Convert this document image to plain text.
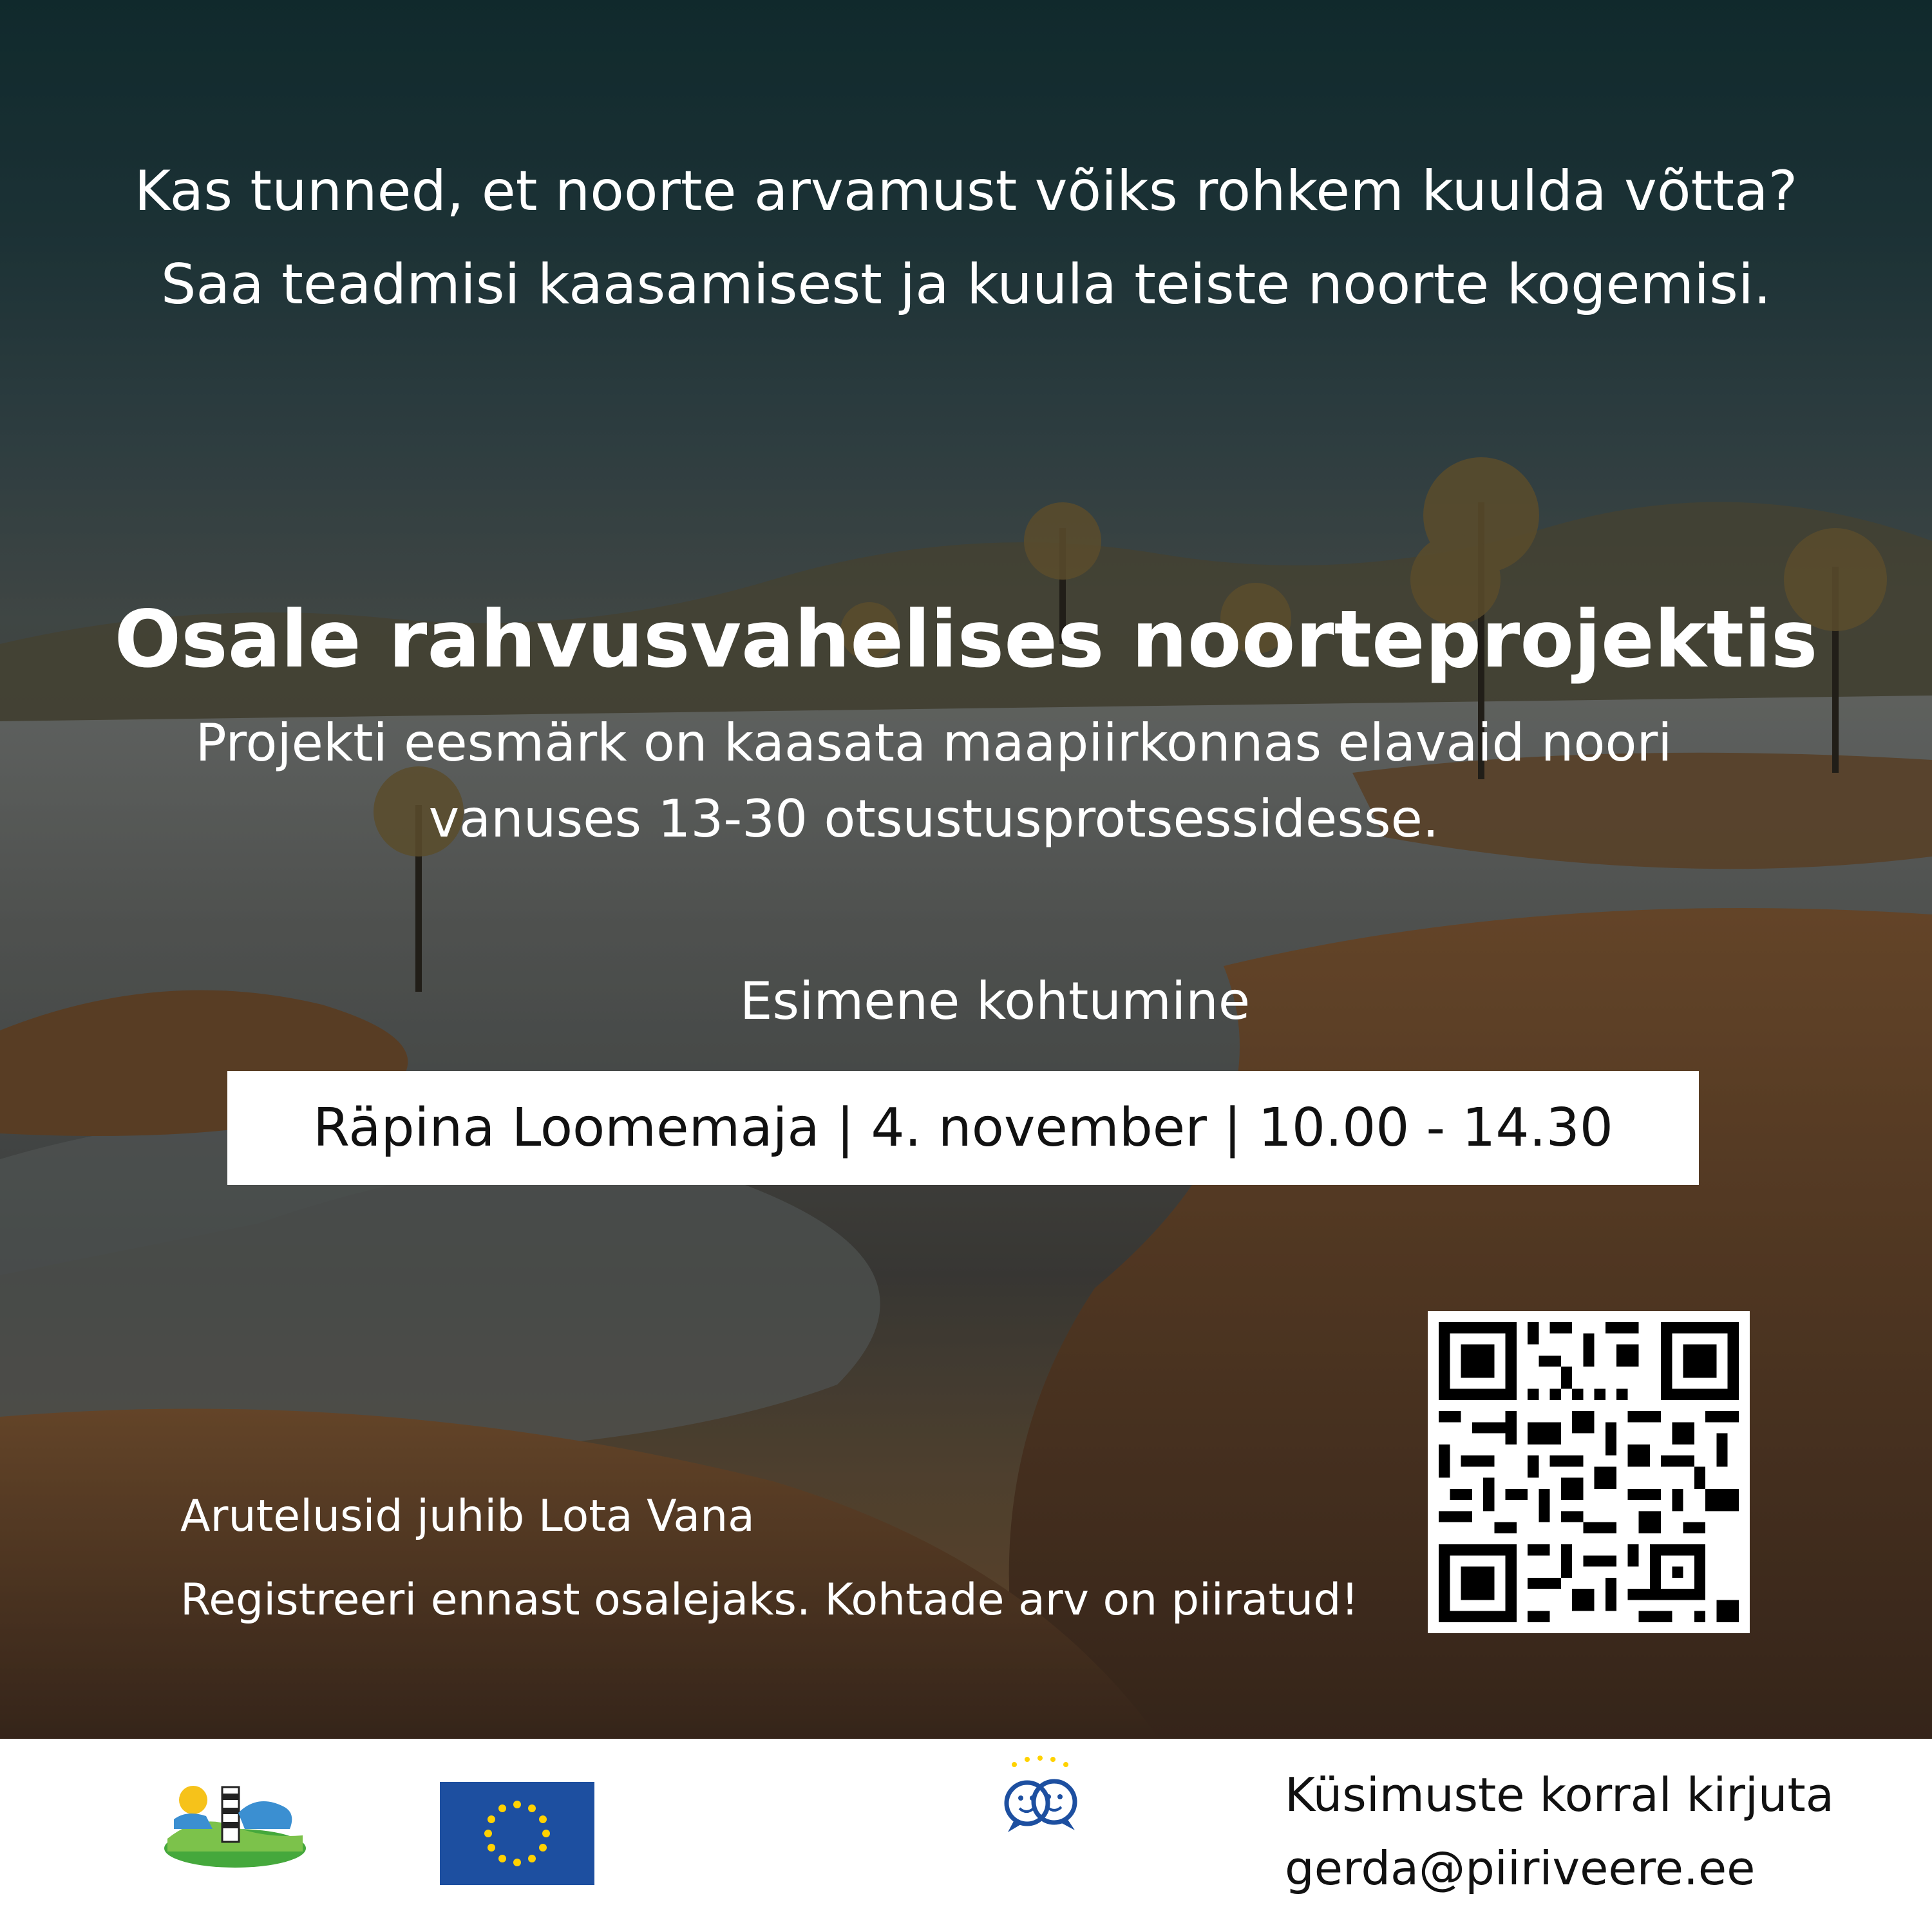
Kas tunned, et noorte arvamust võiks rohkem kuulda võtta?
Saa teadmisi kaasamisest ja kuula teiste noorte kogemisi.
Osale rahvusvahelises noorteprojektis
Projekti eesmärk on kaasata maapiirkonnas elavaid noori
vanuses 13-30 otsustusprotsessidesse.
Esimene kohtumine
Räpina Loomemaja | 4. november | 10.00 - 14.30
Arutelusid juhib Lota Vana
Registreeri ennast osalejaks. Kohtade arv on piiratud!
Küsimuste korral kirjuta
gerda@piiriveere.ee
